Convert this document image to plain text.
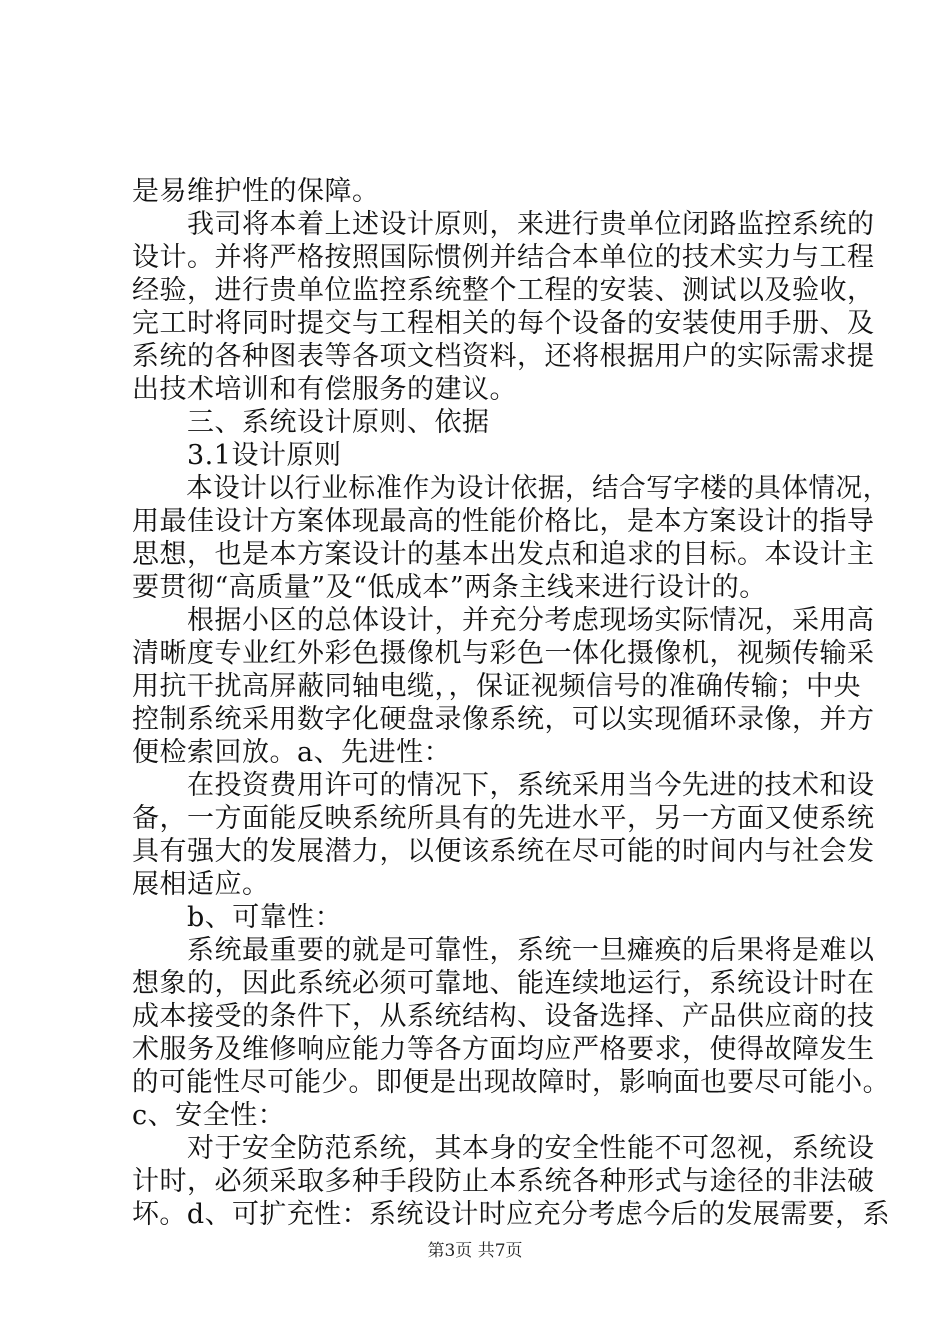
是易维护性的保障。
　　我司将本着上述设计原则，来进行贵单位闭路监控系统的
设计。并将严格按照国际惯例并结合本单位的技术实力与工程
经验，进行贵单位监控系统整个工程的安装、测试以及验收，
完工时将同时提交与工程相关的每个设备的安装使用手册、及
系统的各种图表等各项文档资料，还将根据用户的实际需求提
出技术培训和有偿服务的建议。
　　三、系统设计原则、依据
　　3.1设计原则
　　本设计以行业标准作为设计依据，结合写字楼的具体情况，
用最佳设计方案体现最高的性能价格比，是本方案设计的指导
思想，也是本方案设计的基本出发点和追求的目标。本设计主
要贯彻“高质量”及“低成本”两条主线来进行设计的。
　　根据小区的总体设计，并充分考虑现场实际情况，采用高
清晰度专业红外彩色摄像机与彩色一体化摄像机，视频传输采
用抗干扰高屏蔽同轴电缆，，保证视频信号的准确传输；中央
控制系统采用数字化硬盘录像系统，可以实现循环录像，并方
便检索回放。a、先进性：
　　在投资费用许可的情况下，系统采用当今先进的技术和设
备，一方面能反映系统所具有的先进水平，另一方面又使系统
具有强大的发展潜力，以便该系统在尽可能的时间内与社会发
展相适应。
　　b、可靠性：
　　系统最重要的就是可靠性，系统一旦瘫痪的后果将是难以
想象的，因此系统必须可靠地、能连续地运行，系统设计时在
成本接受的条件下，从系统结构、设备选择、产品供应商的技
术服务及维修响应能力等各方面均应严格要求，使得故障发生
的可能性尽可能少。即便是出现故障时，影响面也要尽可能小。
c、安全性：
　　对于安全防范系统，其本身的安全性能不可忽视，系统设
计时，必须采取多种手段防止本系统各种形式与途径的非法破
坏。d、可扩充性：系统设计时应充分考虑今后的发展需要，系
第3页 共7页
